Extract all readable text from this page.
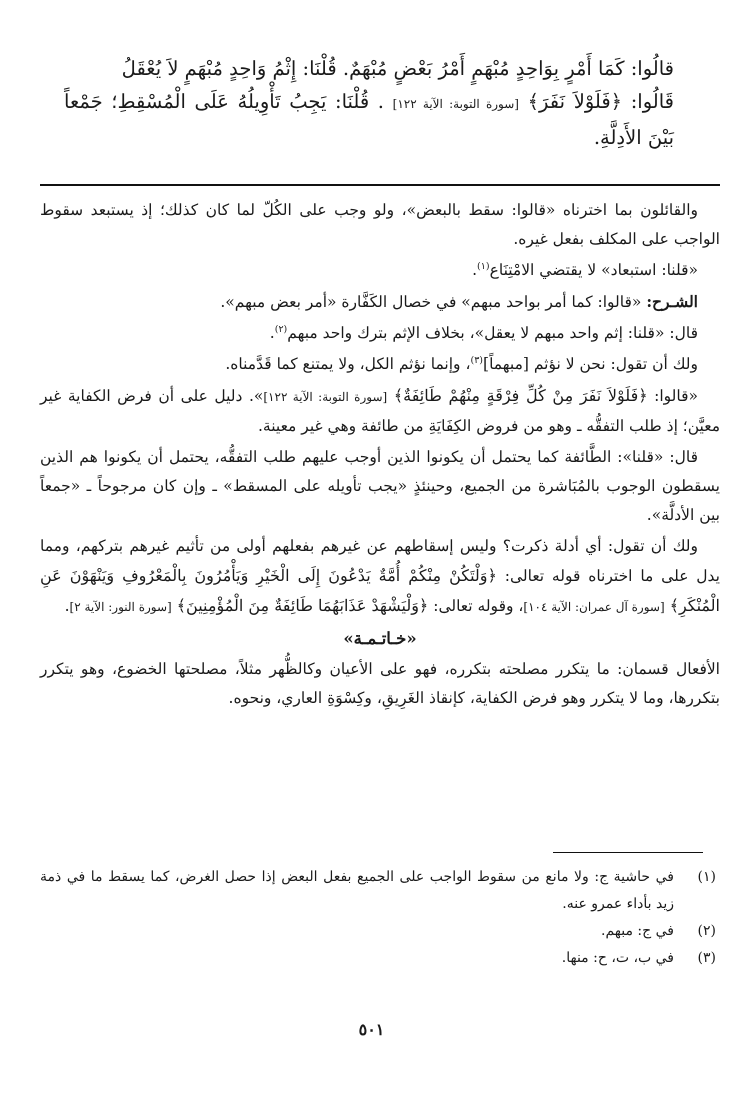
قالُوا: كَمَا أَمْرٍ بِوَاحِدٍ مُبْهَمٍ أَمْرُ بَعْضٍ مُبْهَمٌ. قُلْنَا: إِثْمُ وَاحِدٍ مُبْهَمٍ لاَ يُعْقَلُ

قَالُوا: ﴿فَلَوْلاَ نَفَرَ﴾ [سورة التوبة: الآية ١٢٢] . قُلْنَا: يَجِبُ تَأْوِيلُهُ عَلَى الْمُسْقِطِ؛ جَمْعاً بَيْنَ الأَدِلَّةِ.

والقائلون بما اخترناه «قالوا: سقط بالبعض»، ولو وجب على الكُلّ لما كان كذلك؛ إذ يستبعد سقوط الواجب على المكلف بفعل غيره.

«قلنا: استبعاد» لا يقتضي الامْتِنَاع$^{(١)}$.

الشـرح: «قالوا: كما أمر بواحد مبهم» في خصال الكَفَّارة «أمر بعض مبهم».

قال: «قلنا: إثم واحد مبهم لا يعقل»، بخلاف الإثم بترك واحد مبهم$^{(٢)}$.

ولك أن تقول: نحن لا نؤثم [مبهماً]$^{(٣)}$، وإنما نؤثم الكل، ولا يمتنع كما قَدَّمناه.

«قالوا: ﴿فَلَوْلاَ نَفَرَ مِنْ كُلِّ فِرْقَةٍ مِنْهُمْ طَائِفَةٌ﴾ [سورة التوبة: الآية ١٢٢]». دليل على أن فرض الكفاية غير معيَّن؛ إذ طلب التفقُّه ـ وهو من فروض الكِفَايَةِ من طائفة وهي غير معينة.

قال: «قلنا»: الطَّائفة كما يحتمل أن يكونوا الذين أوجب عليهم طلب التفقُّه، يحتمل أن يكونوا هم الذين يسقطون الوجوب بالمُبَاشرة من الجميع، وحينئذٍ «يجب تأويله على المسقط» ـ وإن كان مرجوحاً ـ «جمعاً بين الأدلَّة».

ولك أن تقول: أي أدلة ذكرت؟ وليس إسقاطهم عن غيرهم بفعلهم أولى من تأثيم غيرهم بتركهم، ومما يدل على ما اخترناه قوله تعالى: ﴿وَلْتَكُنْ مِنْكُمْ أُمَّةٌ يَدْعُونَ إِلَى الْخَيْرِ وَيَأْمُرُونَ بِالْمَعْرُوفِ وَيَنْهَوْنَ عَنِ الْمُنْكَرِ﴾ [سورة آل عمران: الآية ١٠٤]، وقوله تعالى: ﴿وَلْيَشْهَدْ عَذَابَهُمَا طَائِفَةٌ مِنَ الْمُؤْمِنِينَ﴾ [سورة النور: الآية ٢].

«خـاتـمـة»

الأفعال قسمان: ما يتكرر مصلحته بتكرره، فهو على الأعيان وكالظُّهر مثلاً، مصلحتها الخضوع، وهو يتكرر بتكررها، وما لا يتكرر وهو فرض الكفاية، كإنقاذ الغَرِيقِ، وكِسْوَةِ العاري، ونحوه.

(١)
في حاشية ج: ولا مانع من سقوط الواجب على الجميع بفعل البعض إذا حصل الغرض، كما يسقط ما في ذمة زيد بأداء عمرو عنه.
(٢)
في ج: مبهم.
(٣)
في ب، ت، ح: منها.
٥٠١
